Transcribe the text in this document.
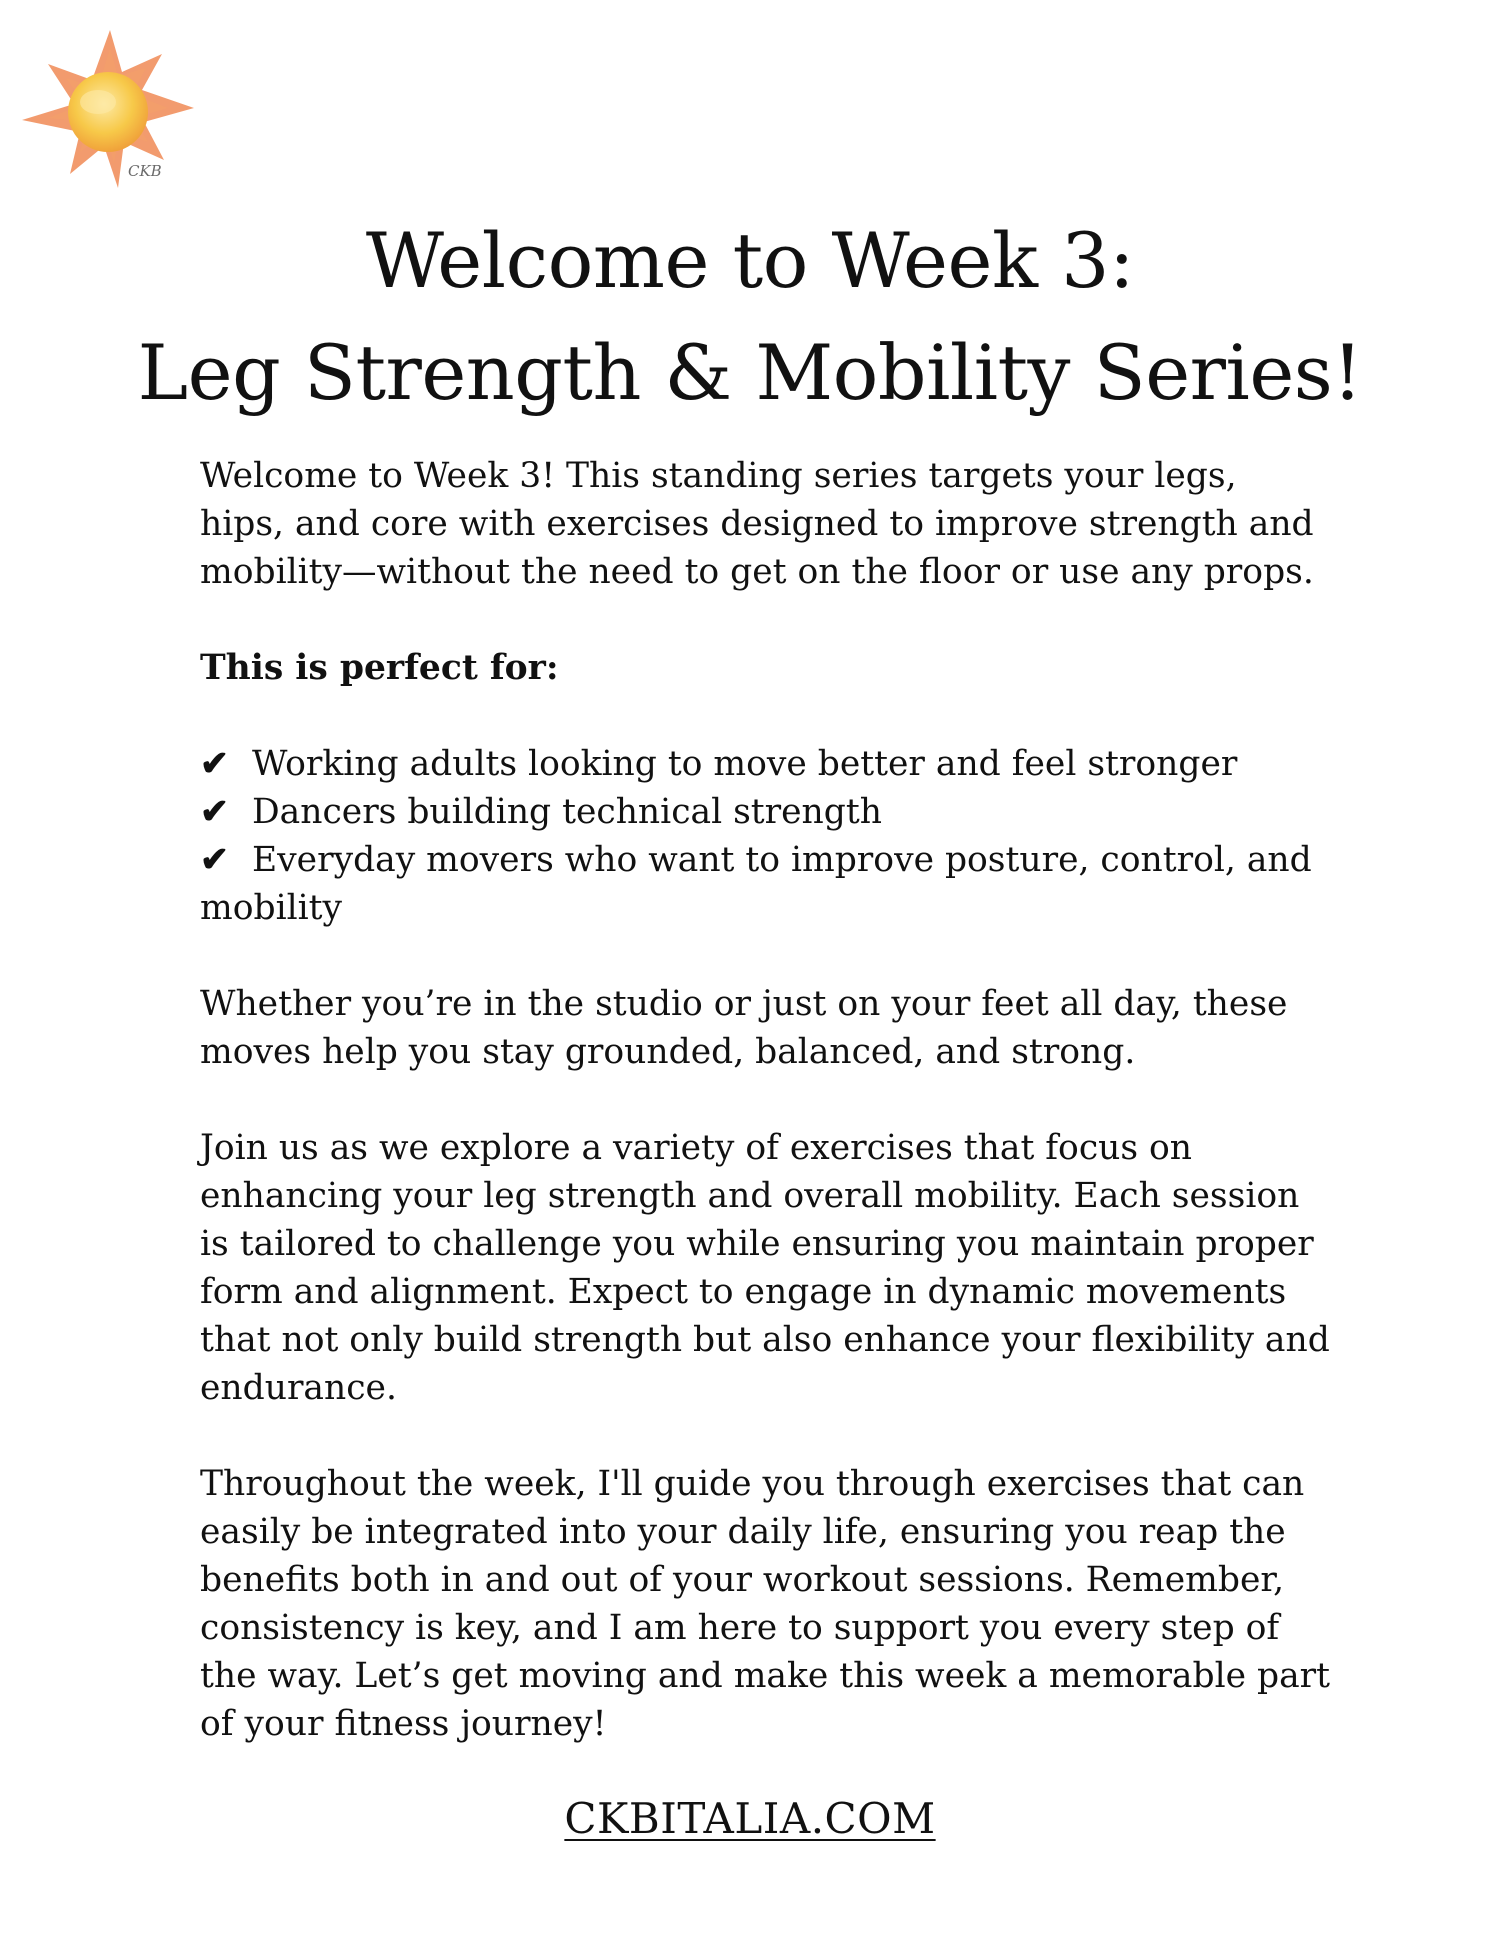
CKB
Welcome to Week 3:
Leg Strength & Mobility Series!

Welcome to Week 3! This standing series targets your legs, hips, and core with exercises designed to improve strength and mobility—without the need to get on the floor or use any props.

This is perfect for:

✔ Working adults looking to move better and feel stronger
✔ Dancers building technical strength
✔ Everyday movers who want to improve posture, control, and mobility

Whether you’re in the studio or just on your feet all day, these moves help you stay grounded, balanced, and strong.

Join us as we explore a variety of exercises that focus on enhancing your leg strength and overall mobility. Each session is tailored to challenge you while ensuring you maintain proper form and alignment. Expect to engage in dynamic movements that not only build strength but also enhance your flexibility and endurance.

Throughout the week, I'll guide you through exercises that can easily be integrated into your daily life, ensuring you reap the benefits both in and out of your workout sessions. Remember, consistency is key, and I am here to support you every step of the way. Let’s get moving and make this week a memorable part of your fitness journey!

CKBITALIA.COM
